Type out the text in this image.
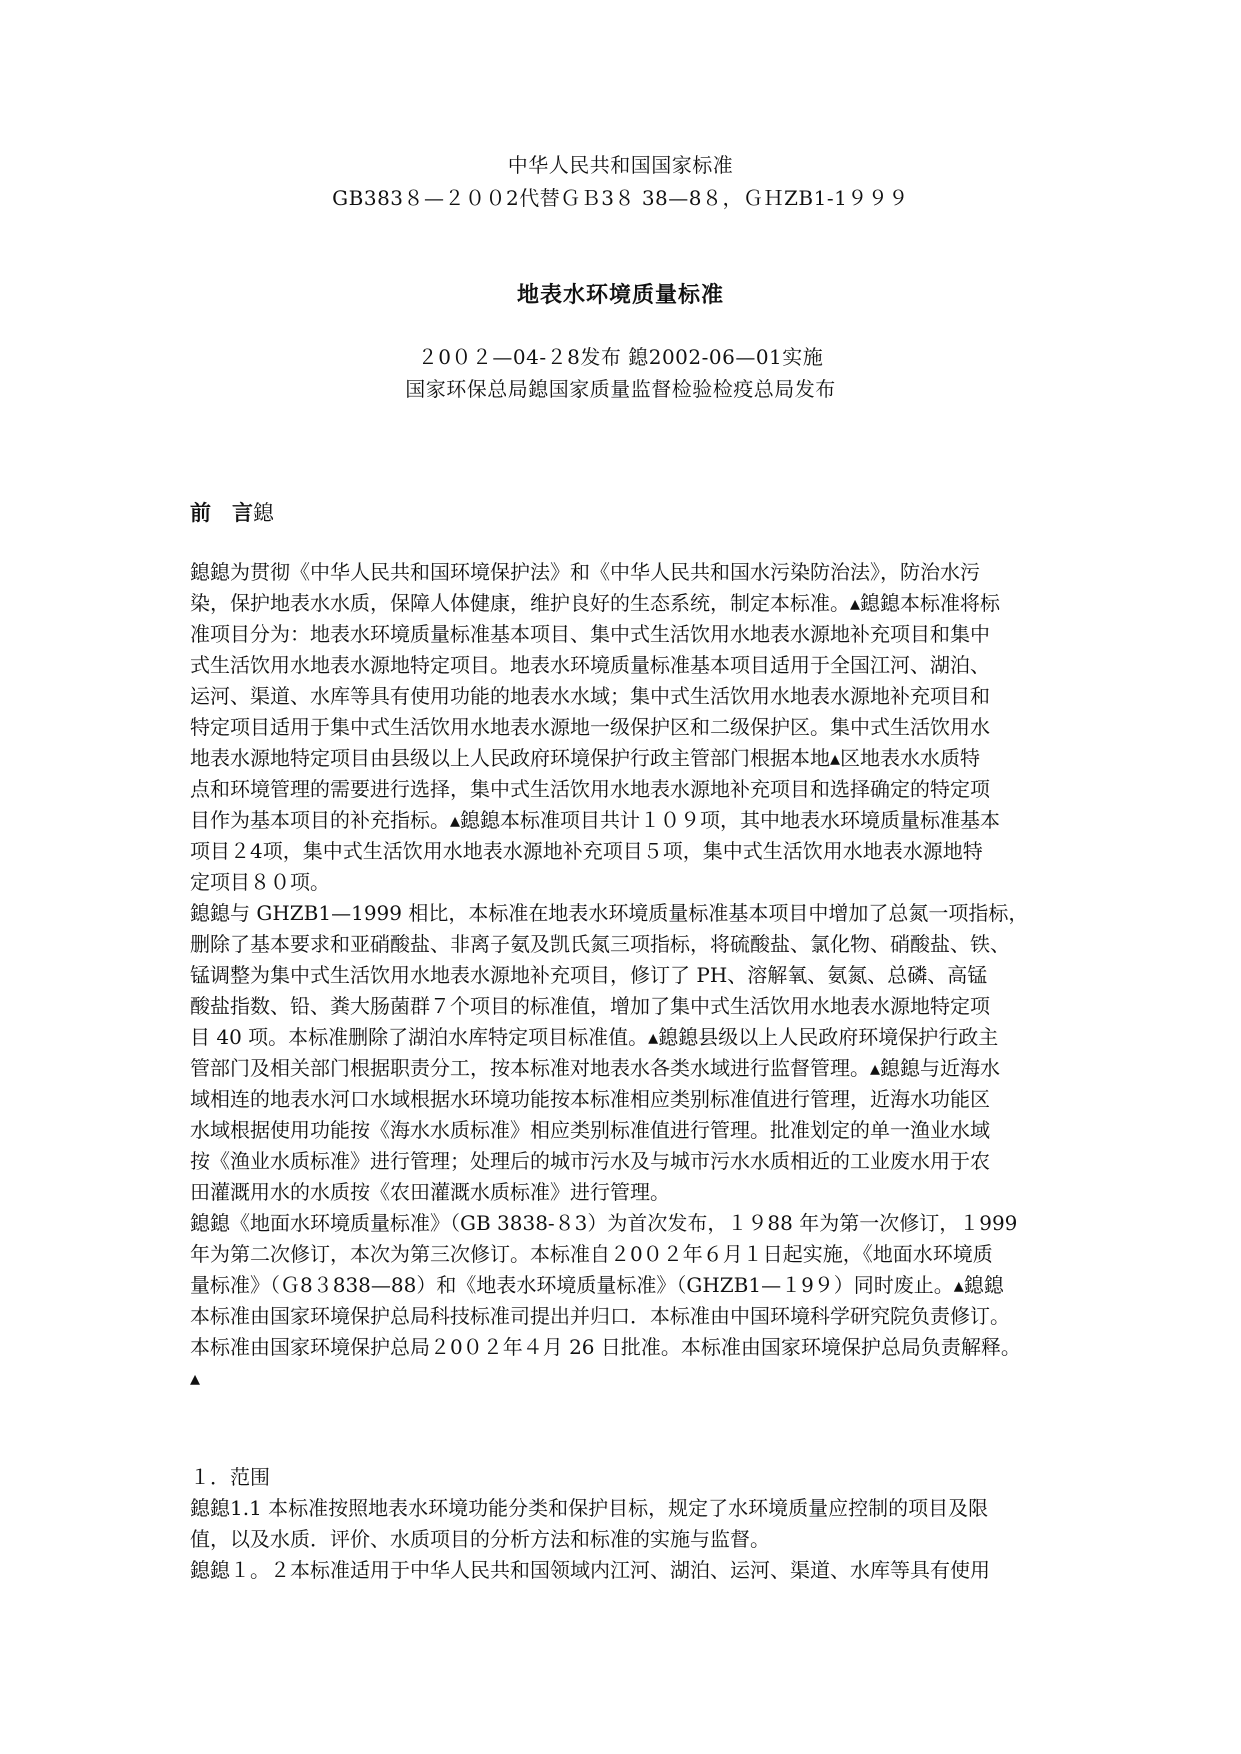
中华人民共和国国家标准
GB383８—２００2代替ＧＢ3８ 38—8８，ＧＨZB1-1９９９
地表水环境质量标准
２0０２—04-２8发布 鎴2002-06—01实施
国家环保总局鎴国家质量监督检验检疫总局发布
前　言鎴

鎴鎴为贯彻《中华人民共和国环境保护法》和《中华人民共和国水污染防治法》，防治水污

染，保护地表水水质，保障人体健康，维护良好的生态系统，制定本标准。▴鎴鎴本标准将标

准项目分为：地表水环境质量标准基本项目、集中式生活饮用水地表水源地补充项目和集中

式生活饮用水地表水源地特定项目。地表水环境质量标准基本项目适用于全国江河、湖泊、

运河、渠道、水库等具有使用功能的地表水水域；集中式生活饮用水地表水源地补充项目和

特定项目适用于集中式生活饮用水地表水源地一级保护区和二级保护区。集中式生活饮用水

地表水源地特定项目由县级以上人民政府环境保护行政主管部门根据本地▴区地表水水质特

点和环境管理的需要进行选择，集中式生活饮用水地表水源地补充项目和选择确定的特定项

目作为基本项目的补充指标。▴鎴鎴本标准项目共计１０９项，其中地表水环境质量标准基本

项目２4项，集中式生活饮用水地表水源地补充项目５项，集中式生活饮用水地表水源地特

定项目８０项。

鎴鎴与 GHZB1—1999 相比，本标准在地表水环境质量标准基本项目中增加了总氮一项指标，

删除了基本要求和亚硝酸盐、非离子氨及凯氏氮三项指标，将硫酸盐、氯化物、硝酸盐、铁、

锰调整为集中式生活饮用水地表水源地补充项目，修订了 PH、溶解氧、氨氮、总磷、高锰

酸盐指数、铅、粪大肠菌群７个项目的标准值，增加了集中式生活饮用水地表水源地特定项

目 40 项。本标准删除了湖泊水库特定项目标准值。▴鎴鎴县级以上人民政府环境保护行政主

管部门及相关部门根据职责分工，按本标准对地表水各类水域进行监督管理。▴鎴鎴与近海水

域相连的地表水河口水域根据水环境功能按本标准相应类别标准值进行管理，近海水功能区

水域根据使用功能按《海水水质标准》相应类别标准值进行管理。批准划定的单一渔业水域

按《渔业水质标准》进行管理；处理后的城市污水及与城市污水水质相近的工业废水用于农

田灌溉用水的水质按《农田灌溉水质标准》进行管理。

鎴鎴《地面水环境质量标准》（GB 3838-８3）为首次发布，１９88 年为第一次修订，１999

年为第二次修订，本次为第三次修订。本标准自２0０２年６月１日起实施，《地面水环境质

量标准》（Ｇ8３838—88）和《地表水环境质量标准》（GHZB1—１9９）同时废止。▴鎴鎴

本标准由国家环境保护总局科技标准司提出并归口．本标准由中国环境科学研究院负责修订。

本标准由国家环境保护总局２0０２年４月 26 日批准。本标准由国家环境保护总局负责解释。

▴

１．范围

鎴鎴1.1 本标准按照地表水环境功能分类和保护目标，规定了水环境质量应控制的项目及限

值，以及水质．评价、水质项目的分析方法和标准的实施与监督。

鎴鎴１。２本标准适用于中华人民共和国领域内江河、湖泊、运河、渠道、水库等具有使用
